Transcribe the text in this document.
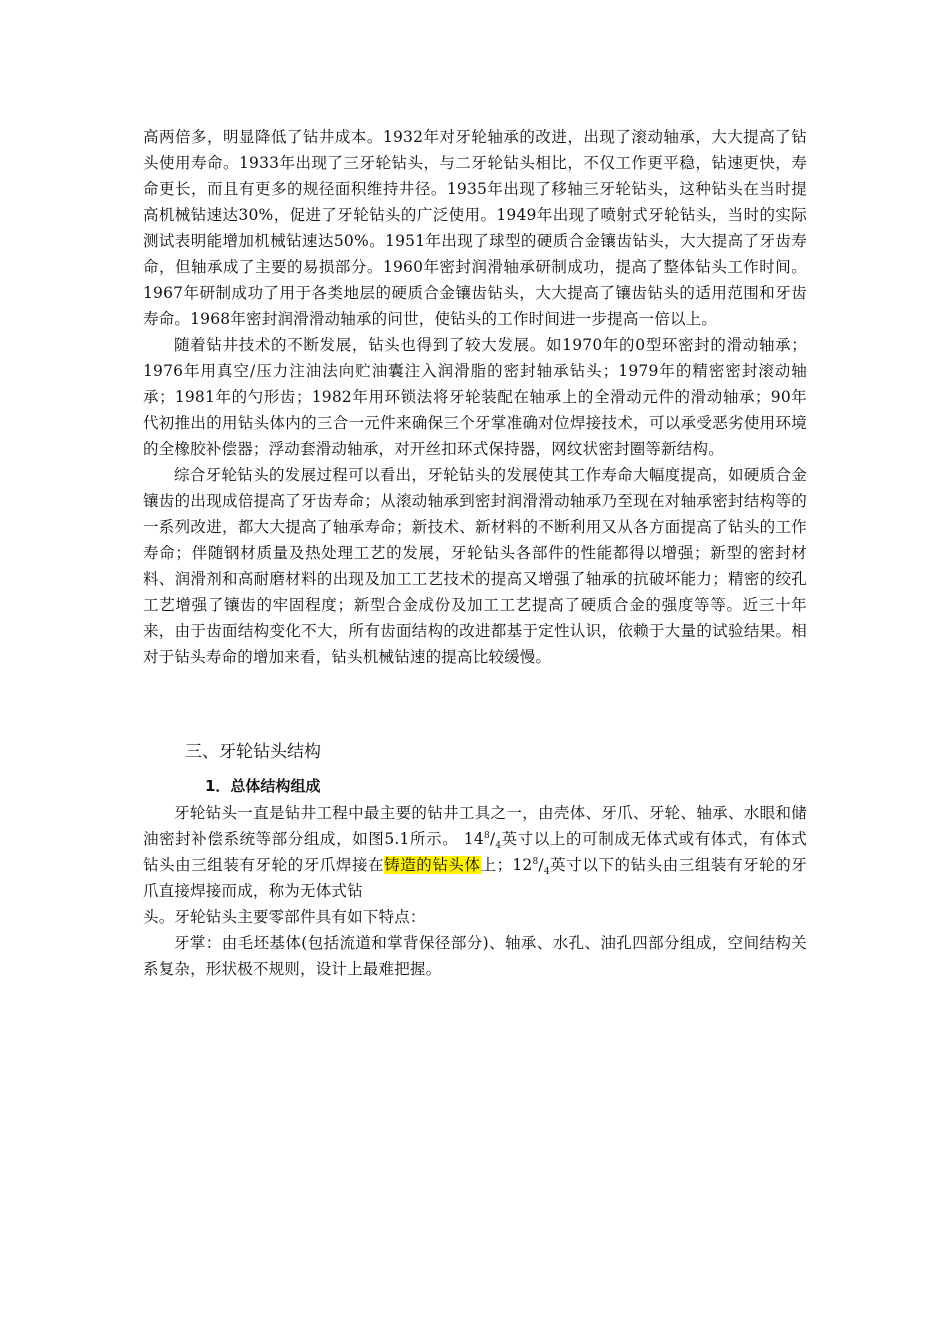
高两倍多，明显降低了钻井成本。1932年对牙轮轴承的改进，出现了滚动轴承，大大提高了钻头使用寿命。1933年出现了三牙轮钻头，与二牙轮钻头相比，不仅工作更平稳，钻速更快，寿命更长，而且有更多的规径面积维持井径。1935年出现了移轴三牙轮钻头，这种钻头在当时提高机械钻速达30%，促进了牙轮钻头的广泛使用。1949年出现了喷射式牙轮钻头，当时的实际测试表明能增加机械钻速达50%。1951年出现了球型的硬质合金镶齿钻头，大大提高了牙齿寿命，但轴承成了主要的易损部分。1960年密封润滑轴承研制成功，提高了整体钻头工作时间。1967年研制成功了用于各类地层的硬质合金镶齿钻头，大大提高了镶齿钻头的适用范围和牙齿寿命。1968年密封润滑滑动轴承的问世，使钻头的工作时间进一步提高一倍以上。

随着钻井技术的不断发展，钻头也得到了较大发展。如1970年的0型环密封的滑动轴承；1976年用真空/压力注油法向贮油囊注入润滑脂的密封轴承钻头；1979年的精密密封滚动轴承；1981年的勺形齿；1982年用环锁法将牙轮装配在轴承上的全滑动元件的滑动轴承；90年代初推出的用钻头体内的三合一元件来确保三个牙掌准确对位焊接技术，可以承受恶劣使用环境的全橡胶补偿器；浮动套滑动轴承，对开丝扣环式保持器，网纹状密封圈等新结构。

综合牙轮钻头的发展过程可以看出，牙轮钻头的发展使其工作寿命大幅度提高，如硬质合金镶齿的出现成倍提高了牙齿寿命；从滚动轴承到密封润滑滑动轴承乃至现在对轴承密封结构等的一系列改进，都大大提高了轴承寿命；新技术、新材料的不断利用又从各方面提高了钻头的工作寿命；伴随钢材质量及热处理工艺的发展，牙轮钻头各部件的性能都得以增强；新型的密封材料、润滑剂和高耐磨材料的出现及加工工艺技术的提高又增强了轴承的抗破坏能力；精密的绞孔工艺增强了镶齿的牢固程度；新型合金成份及加工工艺提高了硬质合金的强度等等。近三十年来，由于齿面结构变化不大，所有齿面结构的改进都基于定性认识，依赖于大量的试验结果。相对于钻头寿命的增加来看，钻头机械钻速的提高比较缓慢。

三、牙轮钻头结构
1．总体结构组成

牙轮钻头一直是钻井工程中最主要的钻井工具之一，由壳体、牙爪、牙轮、轴承、水眼和储油密封补偿系统等部分组成，如图5.1所示。 $14^8/_4$英寸以上的可制成无体式或有体式，有体式钻头由三组装有牙轮的牙爪焊接在铸造的钻头体上；$12^8/_4$英寸以下的钻头由三组装有牙轮的牙爪直接焊接而成，称为无体式钻

头。牙轮钻头主要零部件具有如下特点：

牙掌：由毛坯基体(包括流道和掌背保径部分)、轴承、水孔、油孔四部分组成，空间结构关系复杂，形状极不规则，设计上最难把握。
